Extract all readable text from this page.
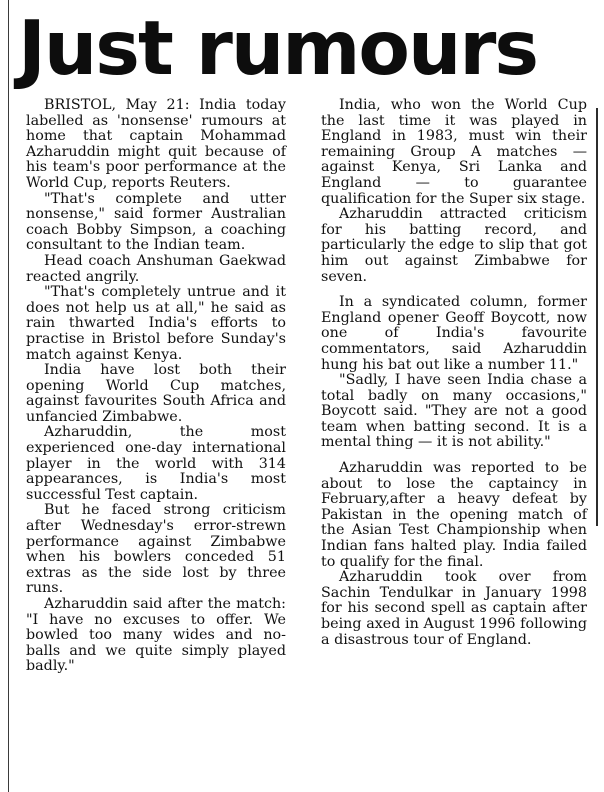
Just rumours

BRISTOL, May 21: India today labelled as 'nonsense' rumours at home that captain Mohammad Azharuddin might quit because of his team's poor performance at the World Cup, reports Reuters.

"That's complete and utter nonsense," said former Australian coach Bobby Simpson, a coaching consultant to the Indian team.

Head coach Anshuman Gaekwad reacted angrily.

"That's completely untrue and it does not help us at all," he said as rain thwarted India's efforts to practise in Bristol before Sunday's match against Kenya.

India have lost both their opening World Cup matches, against favourites South Africa and unfancied Zimbabwe.

Azharuddin, the most experienced one-day international player in the world with 314 appearances, is India's most successful Test captain.

But he faced strong criticism after Wednesday's error-strewn performance against Zimbabwe when his bowlers conceded 51 extras as the side lost by three runs.

Azharuddin said after the match: "I have no excuses to offer. We bowled too many wides and no-balls and we quite simply played badly."

India, who won the World Cup the last time it was played in England in 1983, must win their remaining Group A matches — against Kenya, Sri Lanka and England — to guarantee qualification for the Super six stage.

Azharuddin attracted criticism for his batting record, and particularly the edge to slip that got him out against Zimbabwe for seven.

In a syndicated column, former England opener Geoff Boycott, now one of India's favourite commentators, said Azharuddin hung his bat out like a number 11."

"Sadly, I have seen India chase a total badly on many occasions," Boycott said. "They are not a good team when batting second. It is a mental thing — it is not ability."

Azharuddin was reported to be about to lose the captaincy in February,after a heavy defeat by Pakistan in the opening match of the Asian Test Championship when Indian fans halted play. India failed to qualify for the final.

Azharuddin took over from Sachin Tendulkar in January 1998 for his second spell as captain after being axed in August 1996 following a disastrous tour of England.
